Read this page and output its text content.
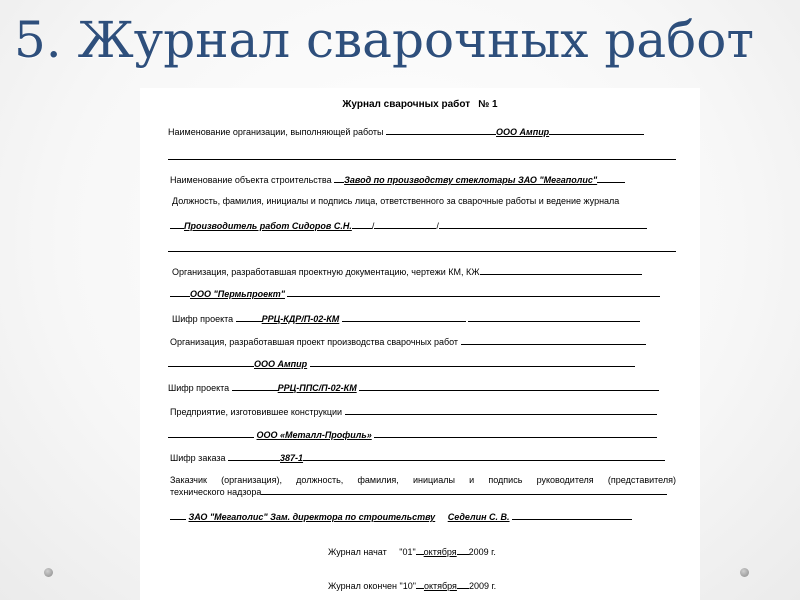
5. Журнал сварочных работ
Журнал сварочных работ № 1
Наименование организации, выполняющей работы	ООО Ампир
Наименование объекта строительства Завод по производству стеклотары ЗАО "Мегаполис"
Должность, фамилия, инициалы и подпись лица, ответственного за сварочные работы и ведение журнала
Производитель работ Сидоров С.Н. /	/
Организация, разработавшая проектную документацию, чертежи КМ, КЖ
ООО "Пермьпроект"
Шифр проекта	РРЦ-КДР/П-02-КМ
Организация, разработавшая проект производства сварочных работ
ООО Ампир
Шифр проекта	РРЦ-ППС/П-02-КМ
Предприятие, изготовившее конструкции
ООО «Металл-Профиль»
Шифр заказа	387-1
Заказчик (организация), должность, фамилия, инициалы и подпись руководителя (представителя)
технического надзора
ЗАО "Мегаполис" Зам. директора по строительству Седелин С. В.
Журнал начат "01" октября 2009 г.
Журнал окончен "10" октября 2009 г.
